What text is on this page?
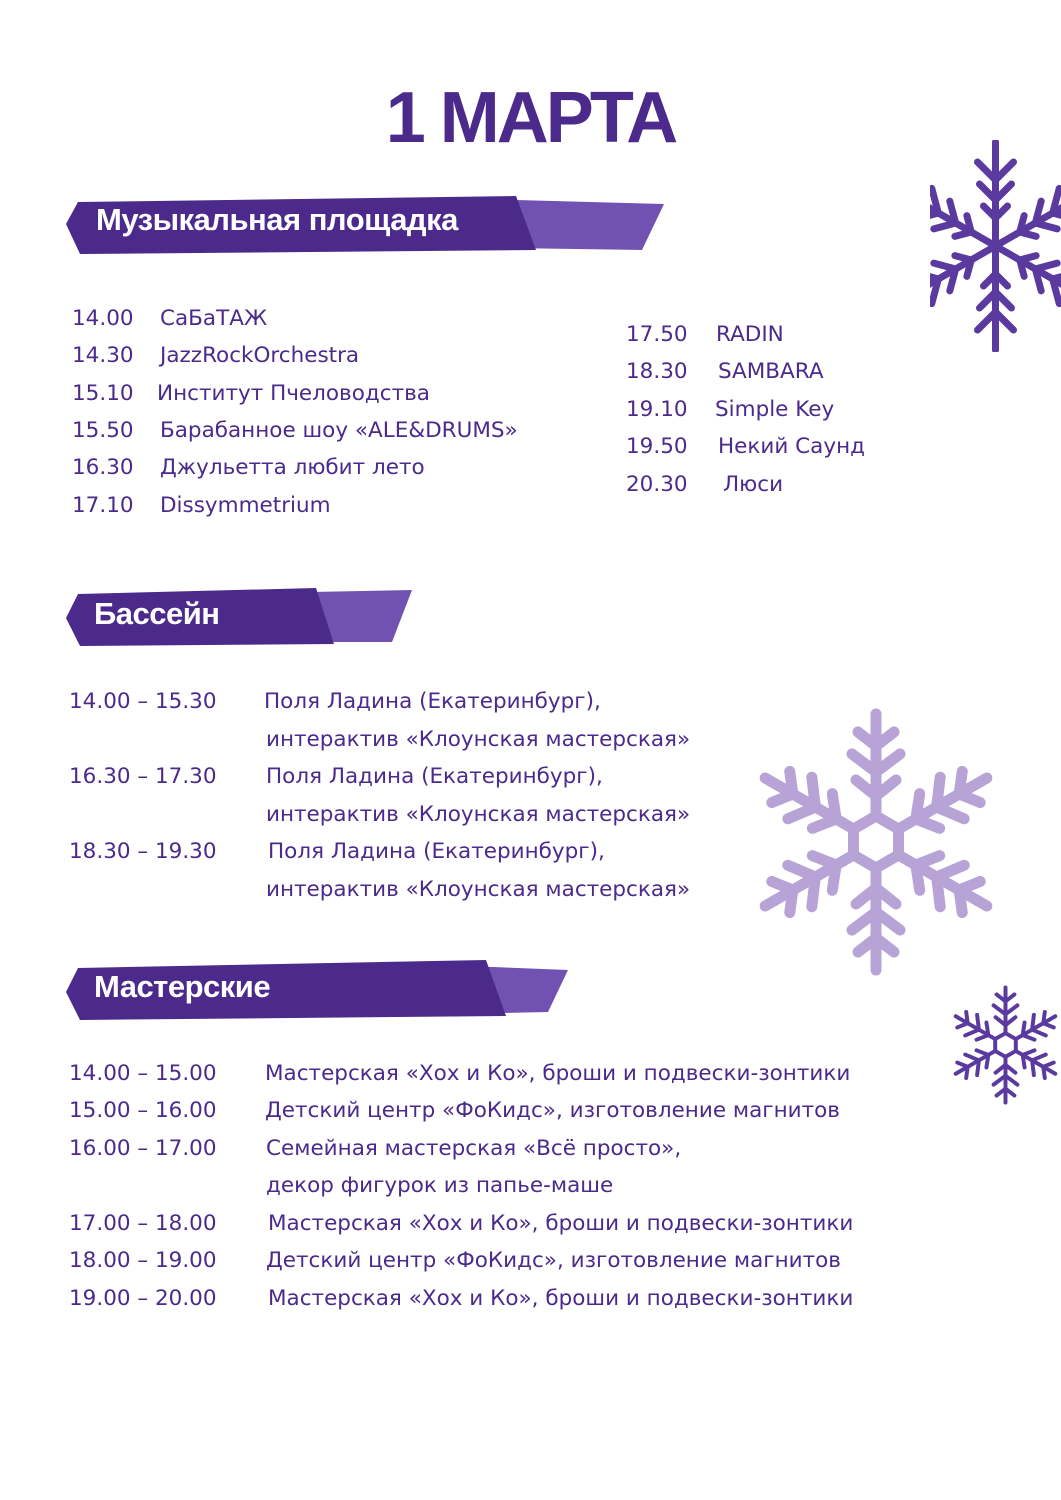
1 МАРТА
Музыкальная площадка
Бассейн
Мастерские
14.00 СаБаТАЖ
14.30 JazzRockOrchestra
15.10 Институт Пчеловодства
15.50 Барабанное шоу «ALE&DRUMS»
16.30 Джульетта любит лето
17.10 Dissymmetrium
17.50 RADIN
18.30 SAMBARA
19.10 Simple Key
19.50 Некий Саунд
20.30 Люси
14.00 – 15.30 Поля Ладина (Екатеринбург),
интерактив «Клоунская мастерская»
16.30 – 17.30 Поля Ладина (Екатеринбург),
интерактив «Клоунская мастерская»
18.30 – 19.30 Поля Ладина (Екатеринбург),
интерактив «Клоунская мастерская»
14.00 – 15.00 Мастерская «Хох и Ко», броши и подвески-зонтики
15.00 – 16.00 Детский центр «ФоКидс», изготовление магнитов
16.00 – 17.00 Семейная мастерская «Всё просто»,
декор фигурок из папье-маше
17.00 – 18.00 Мастерская «Хох и Ко», броши и подвески-зонтики
18.00 – 19.00 Детский центр «ФоКидс», изготовление магнитов
19.00 – 20.00 Мастерская «Хох и Ко», броши и подвески-зонтики
